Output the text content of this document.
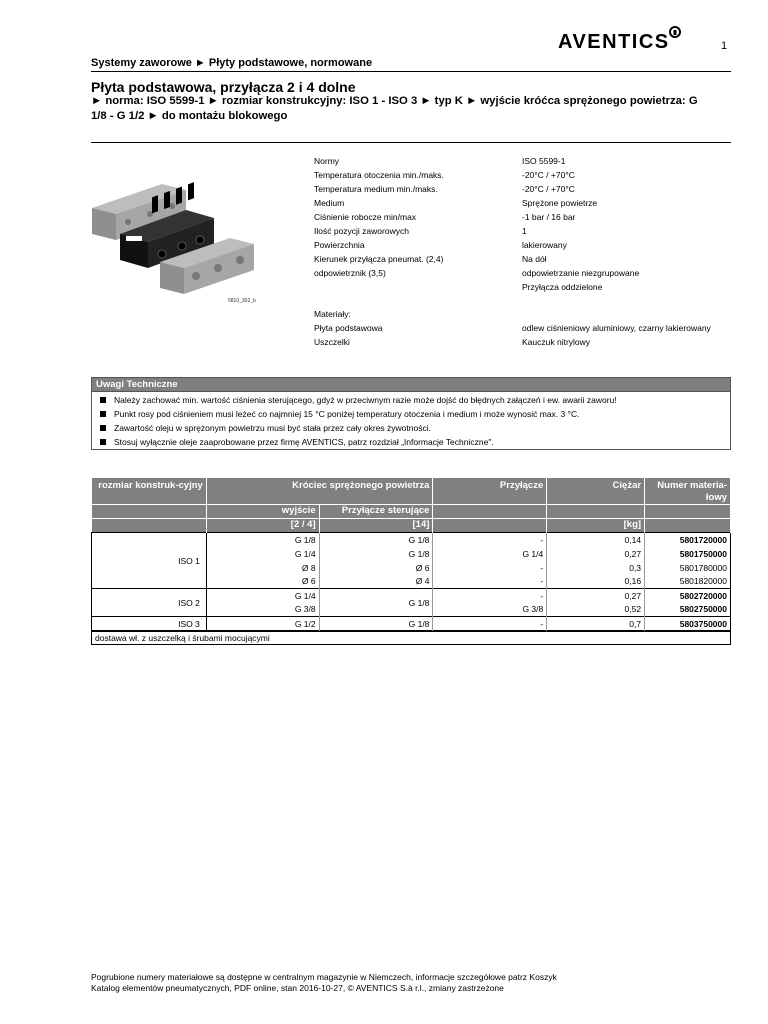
AVENTICS	1
Systemy zaworowe ► Płyty podstawowe, normowane
Płyta podstawowa, przyłącza 2 i 4 dolne
► norma: ISO 5599-1 ► rozmiar konstrukcyjny: ISO 1 - ISO 3 ► typ K ► wyjście króćca sprężonego powietrza: G 1/8 - G 1/2 ► do montażu blokowego
5810_302_b
Normy	ISO 5599-1
Temperatura otoczenia min./maks.	-20°C / +70°C
Temperatura medium min./maks.	-20°C / +70°C
Medium	Sprężone powietrze
Ciśnienie robocze min/max	-1 bar / 16 bar
Ilość pozycji zaworowych	1
Powierzchnia	lakierowany
Kierunek przyłącza pneumat. (2,4)	Na dół
odpowietrznik (3,5)	odpowietrzanie niezgrupowane
Przyłącza oddzielone
Materiały:
Płyta podstawowa	odlew ciśnieniowy aluminiowy, czarny lakierowany
Uszczelki	Kauczuk nitrylowy
Uwagi Techniczne
Należy zachować min. wartość ciśnienia sterującego, gdyż w przeciwnym razie może dojść do błędnych załączeń i ew. awarii zaworu!
Punkt rosy pod ciśnieniem musi leżeć co najmniej 15 °C poniżej temperatury otoczenia i medium i może wynosić max. 3 °C.
Zawartość oleju w sprężonym powietrzu musi być stała przez cały okres żywotności.
Stosuj wyłącznie oleje zaaprobowane przez firmę AVENTICS, patrz rozdział „Informacje Techniczne".
rozmiar konstruk-cyjny	Króciec sprężonego powietrza		Przyłącze	Ciężar	Numer materia-łowy
	wyjście	Przyłącze sterujące			
	[2 / 4]	[14]		[kg]	
ISO 1	G 1/8	G 1/8	-	0,14	5801720000
	G 1/4	G 1/8	G 1/4	0,27	5801750000
	Ø 8	Ø 6	-	0,3	5801780000
	Ø 6	Ø 4	-	0,16	5801820000
ISO 2	G 1/4	G 1/8	-	0,27	5802720000
	G 3/8		G 3/8	0,52	5802750000
ISO 3	G 1/2	G 1/8	-	0,7	5803750000
dostawa wł. z uszczelką i śrubami mocującymi
Pogrubione numery materiałowe są dostępne w centralnym magazynie w Niemczech, informacje szczegółowe patrz Koszyk
Katalog elementów pneumatycznych, PDF online, stan 2016-10-27, © AVENTICS S.à r.l., zmiany zastrzeżone
